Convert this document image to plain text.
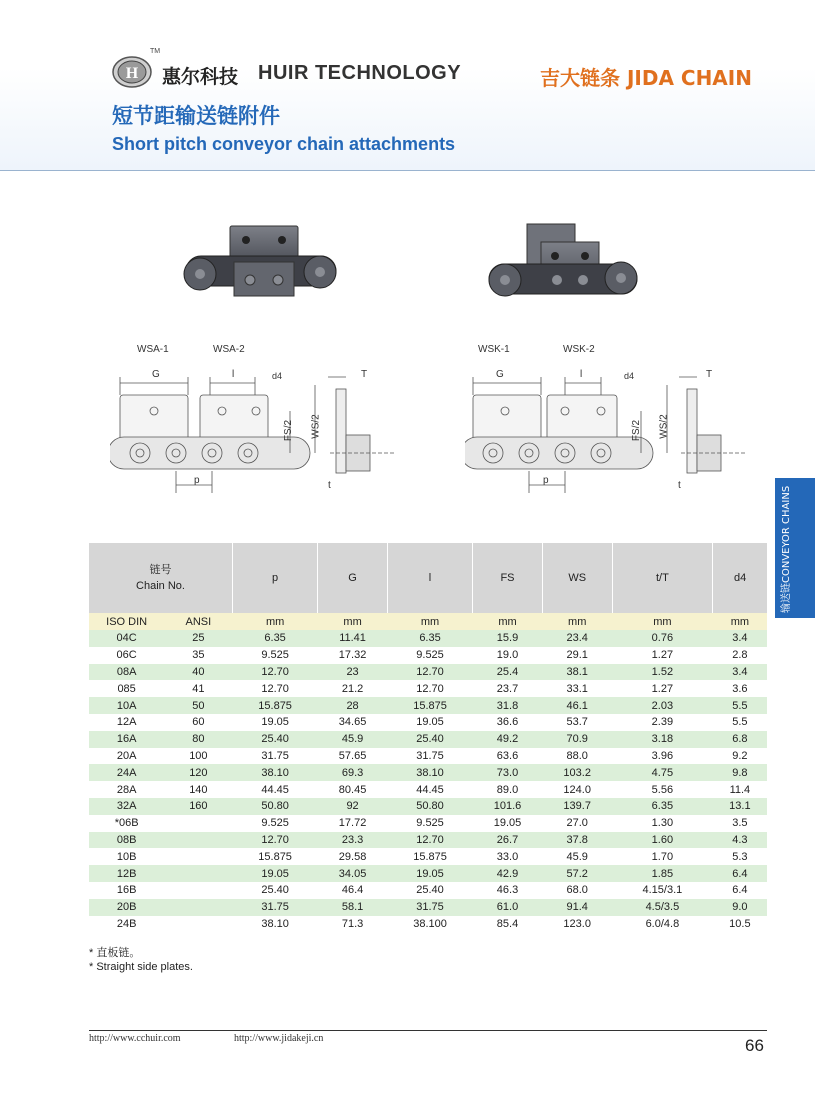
H
TM
惠尔科技 HUIR TECHNOLOGY	吉大链条 JIDA CHAIN
短节距输送链附件
Short pitch conveyor chain attachments
WSA-1	WSA-2	WSK-1	WSK-2
G	l	d4	T
FS/2 WS/2
p	t
G	l	d4	T
FS/2 WS/2
p	t
输送链CONVEYOR CHAINS
链号
Chain No.		p	G	l	FS	WS	t/T	d4
ISO DIN	ANSI	mm	mm	mm	mm	mm	mm	mm
04C	25	6.35	11.41	6.35	15.9	23.4	0.76	3.4
06C	35	9.525	17.32	9.525	19.0	29.1	1.27	2.8
08A	40	12.70	23	12.70	25.4	38.1	1.52	3.4
085	41	12.70	21.2	12.70	23.7	33.1	1.27	3.6
10A	50	15.875	28	15.875	31.8	46.1	2.03	5.5
12A	60	19.05	34.65	19.05	36.6	53.7	2.39	5.5
16A	80	25.40	45.9	25.40	49.2	70.9	3.18	6.8
20A	100	31.75	57.65	31.75	63.6	88.0	3.96	9.2
24A	120	38.10	69.3	38.10	73.0	103.2	4.75	9.8
28A	140	44.45	80.45	44.45	89.0	124.0	5.56	11.4
32A	160	50.80	92	50.80	101.6	139.7	6.35	13.1
*06B		9.525	17.72	9.525	19.05	27.0	1.30	3.5
08B		12.70	23.3	12.70	26.7	37.8	1.60	4.3
10B		15.875	29.58	15.875	33.0	45.9	1.70	5.3
12B		19.05	34.05	19.05	42.9	57.2	1.85	6.4
16B		25.40	46.4	25.40	46.3	68.0	4.15/3.1	6.4
20B		31.75	58.1	31.75	61.0	91.4	4.5/3.5	9.0
24B		38.10	71.3	38.100	85.4	123.0	6.0/4.8	10.5
* 直板链。
* Straight side plates.
http://www.cchuir.com	http://www.jidakeji.cn	66
